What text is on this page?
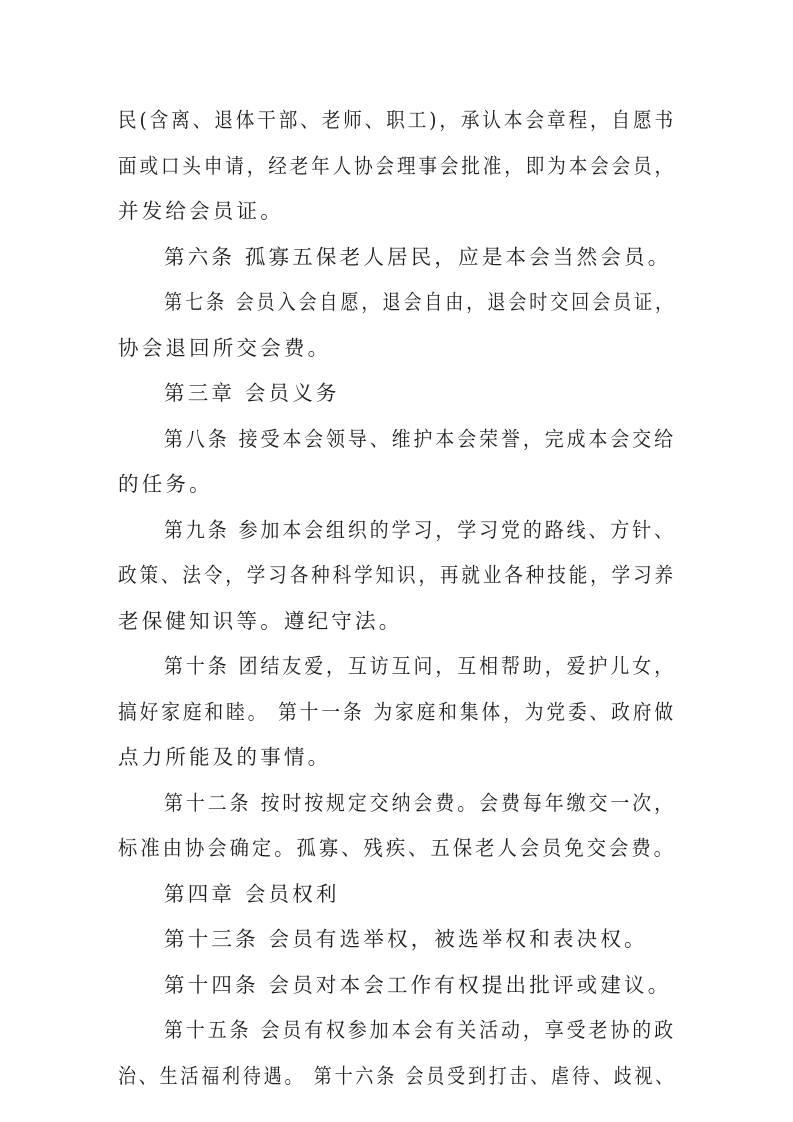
民(含离、退体干部、老师、职工)，承认本会章程，自愿书
面或口头申请，经老年人协会理事会批准，即为本会会员，
并发给会员证。
第六条 孤寡五保老人居民，应是本会当然会员。
第七条 会员入会自愿，退会自由，退会时交回会员证，
协会退回所交会费。
第三章 会员义务
第八条 接受本会领导、维护本会荣誉，完成本会交给
的任务。
第九条 参加本会组织的学习，学习党的路线、方针、
政策、法令，学习各种科学知识，再就业各种技能，学习养
老保健知识等。遵纪守法。
第十条 团结友爱，互访互问，互相帮助，爱护儿女，
搞好家庭和睦。 第十一条 为家庭和集体，为党委、政府做
点力所能及的事情。
第十二条 按时按规定交纳会费。会费每年缴交一次，
标准由协会确定。孤寡、残疾、五保老人会员免交会费。
第四章 会员权利
第十三条 会员有选举权，被选举权和表决权。
第十四条 会员对本会工作有权提出批评或建议。
第十五条 会员有权参加本会有关活动，享受老协的政
治、生活福利待遇。 第十六条 会员受到打击、虐待、歧视、
